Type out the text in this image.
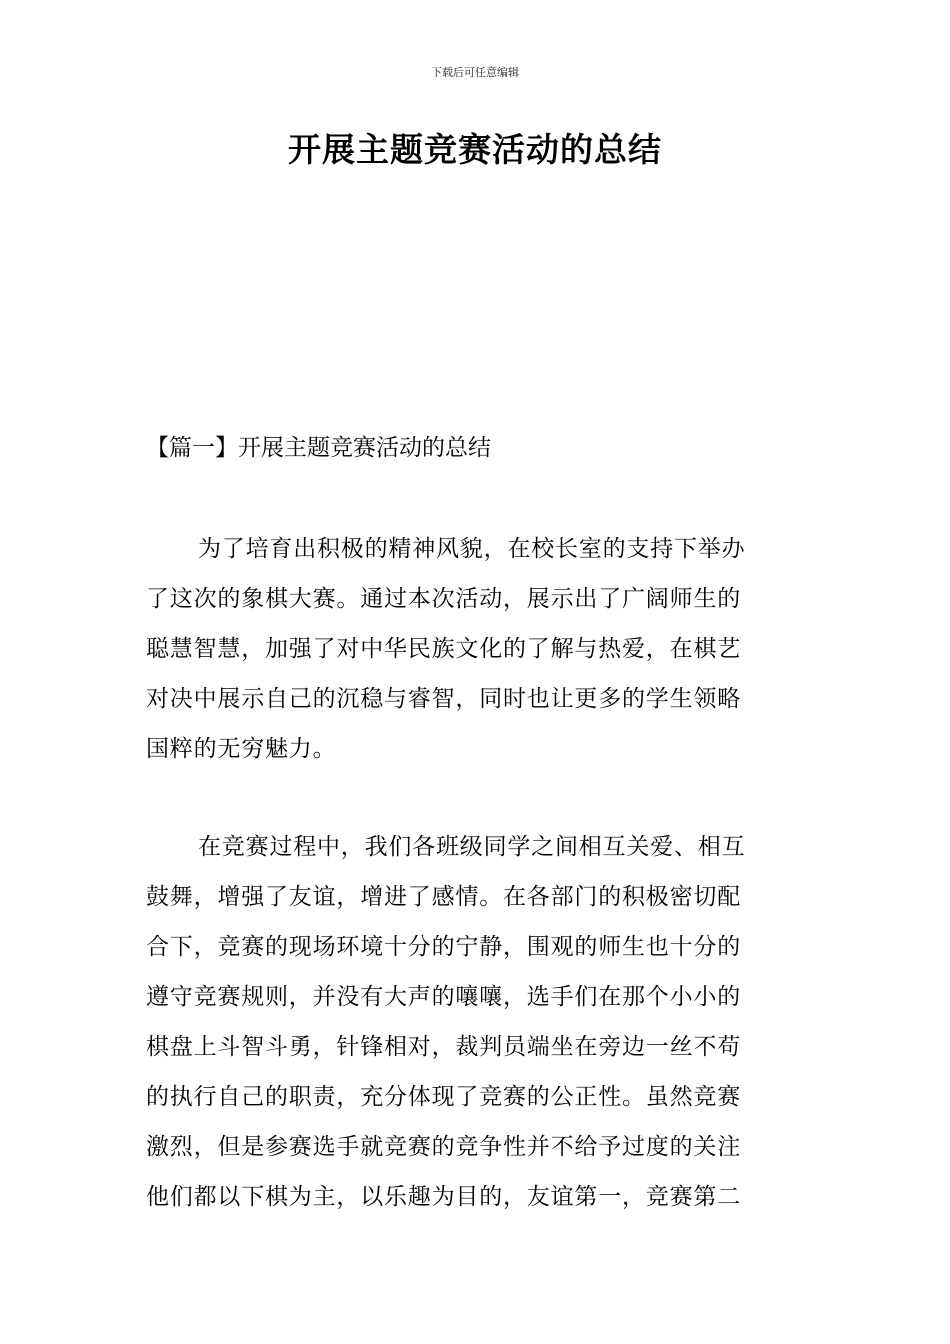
下载后可任意编辑
开展主题竞赛活动的总结
【篇一】开展主题竞赛活动的总结
为了培育出积极的精神风貌，在校长室的支持下举办
了这次的象棋大赛。通过本次活动，展示出了广阔师生的
聪慧智慧，加强了对中华民族文化的了解与热爱，在棋艺
对决中展示自己的沉稳与睿智，同时也让更多的学生领略
国粹的无穷魅力。
在竞赛过程中，我们各班级同学之间相互关爱、相互
鼓舞，增强了友谊，增进了感情。在各部门的积极密切配
合下，竞赛的现场环境十分的宁静，围观的师生也十分的
遵守竞赛规则，并没有大声的嚷嚷，选手们在那个小小的
棋盘上斗智斗勇，针锋相对，裁判员端坐在旁边一丝不苟
的执行自己的职责，充分体现了竞赛的公正性。虽然竞赛
激烈，但是参赛选手就竞赛的竞争性并不给予过度的关注
他们都以下棋为主，以乐趣为目的，友谊第一，竞赛第二
